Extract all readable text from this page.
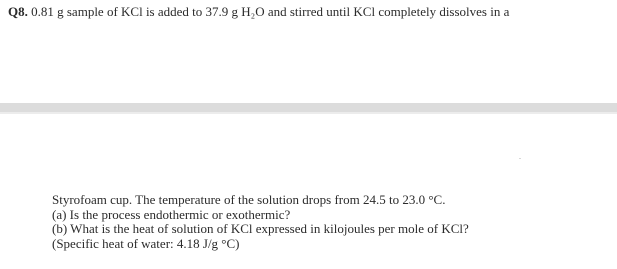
Q8. 0.81 g sample of KCl is added to 37.9 g H₂O and stirred until KCl completely dissolves in a
Styrofoam cup. The temperature of the solution drops from 24.5 to 23.0 °C.
(a) Is the process endothermic or exothermic?
(b) What is the heat of solution of KCl expressed in kilojoules per mole of KCl?
(Specific heat of water: 4.18 J/g °C)
